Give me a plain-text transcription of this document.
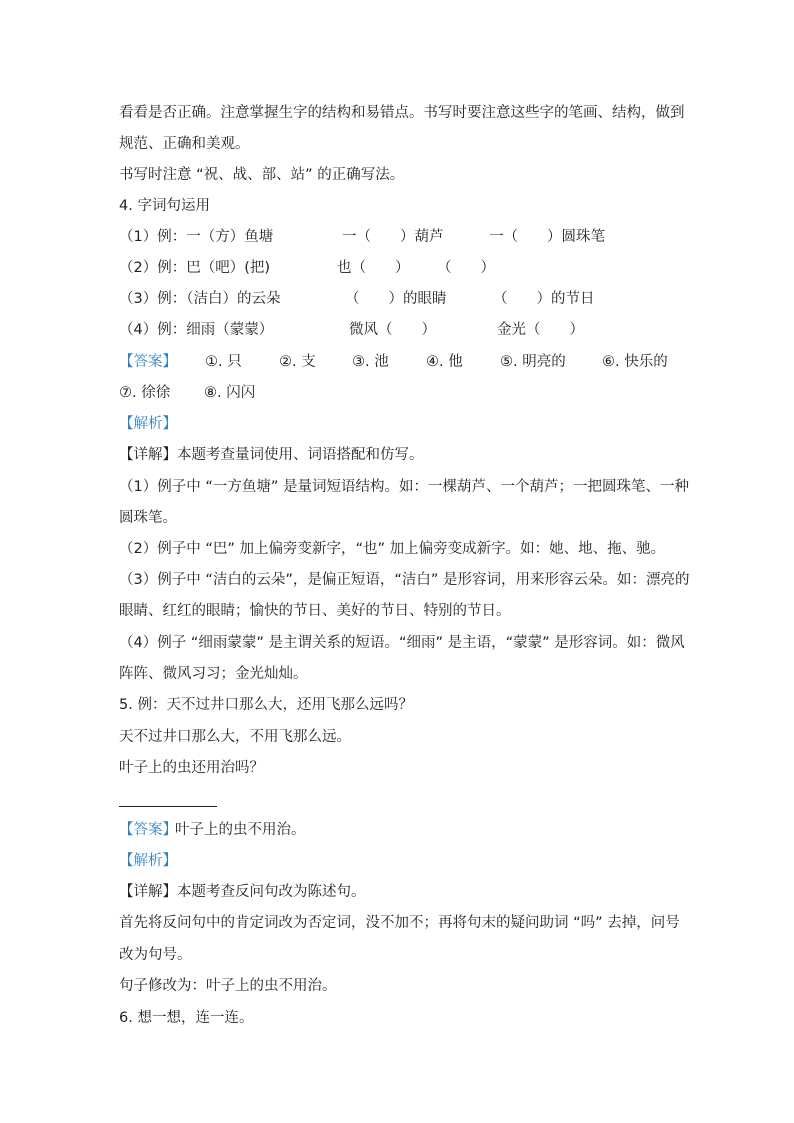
看看是否正确。注意掌握生字的结构和易错点。书写时要注意这些字的笔画、结构，做到
规范、正确和美观。
书写时注意 “祝、战、部、站” 的正确写法。
4. 字词句运用
（1）例：一（方）鱼塘	一（　　）葫芦	一（　　）圆珠笔
（2）例：巴（吧）(把)	也（　　） （　　）
（3）例：（洁白）的云朵	（　　）的眼睛	（　　）的节日
（4）例：细雨（蒙蒙）	微风（　　）	金光（　　）
【答案】 ①. 只	②. 支	③. 池	④. 他	⑤. 明亮的	⑥. 快乐的
⑦. 徐徐 ⑧. 闪闪
【解析】
【详解】本题考查量词使用、词语搭配和仿写。
（1）例子中 “一方鱼塘” 是量词短语结构。如：一棵葫芦、一个葫芦；一把圆珠笔、一种
圆珠笔。
（2）例子中 “巴” 加上偏旁变新字，“也” 加上偏旁变成新字。如：她、地、拖、驰。
（3）例子中 “洁白的云朵”，是偏正短语，“洁白” 是形容词，用来形容云朵。如：漂亮的
眼睛、红红的眼睛；愉快的节日、美好的节日、特别的节日。
（4）例子 “细雨蒙蒙” 是主谓关系的短语。“细雨” 是主语，“蒙蒙” 是形容词。如：微风
阵阵、微风习习；金光灿灿。
5. 例：天不过井口那么大，还用飞那么远吗？
天不过井口那么大，不用飞那么远。
叶子上的虫还用治吗？
【答案】
叶子上的虫不用治。
【解析】
【详解】本题考查反问句改为陈述句。
首先将反问句中的肯定词改为否定词，没不加不；再将句末的疑问助词 “吗” 去掉，问号
改为句号。
句子修改为：叶子上的虫不用治。
6. 想一想，连一连。
